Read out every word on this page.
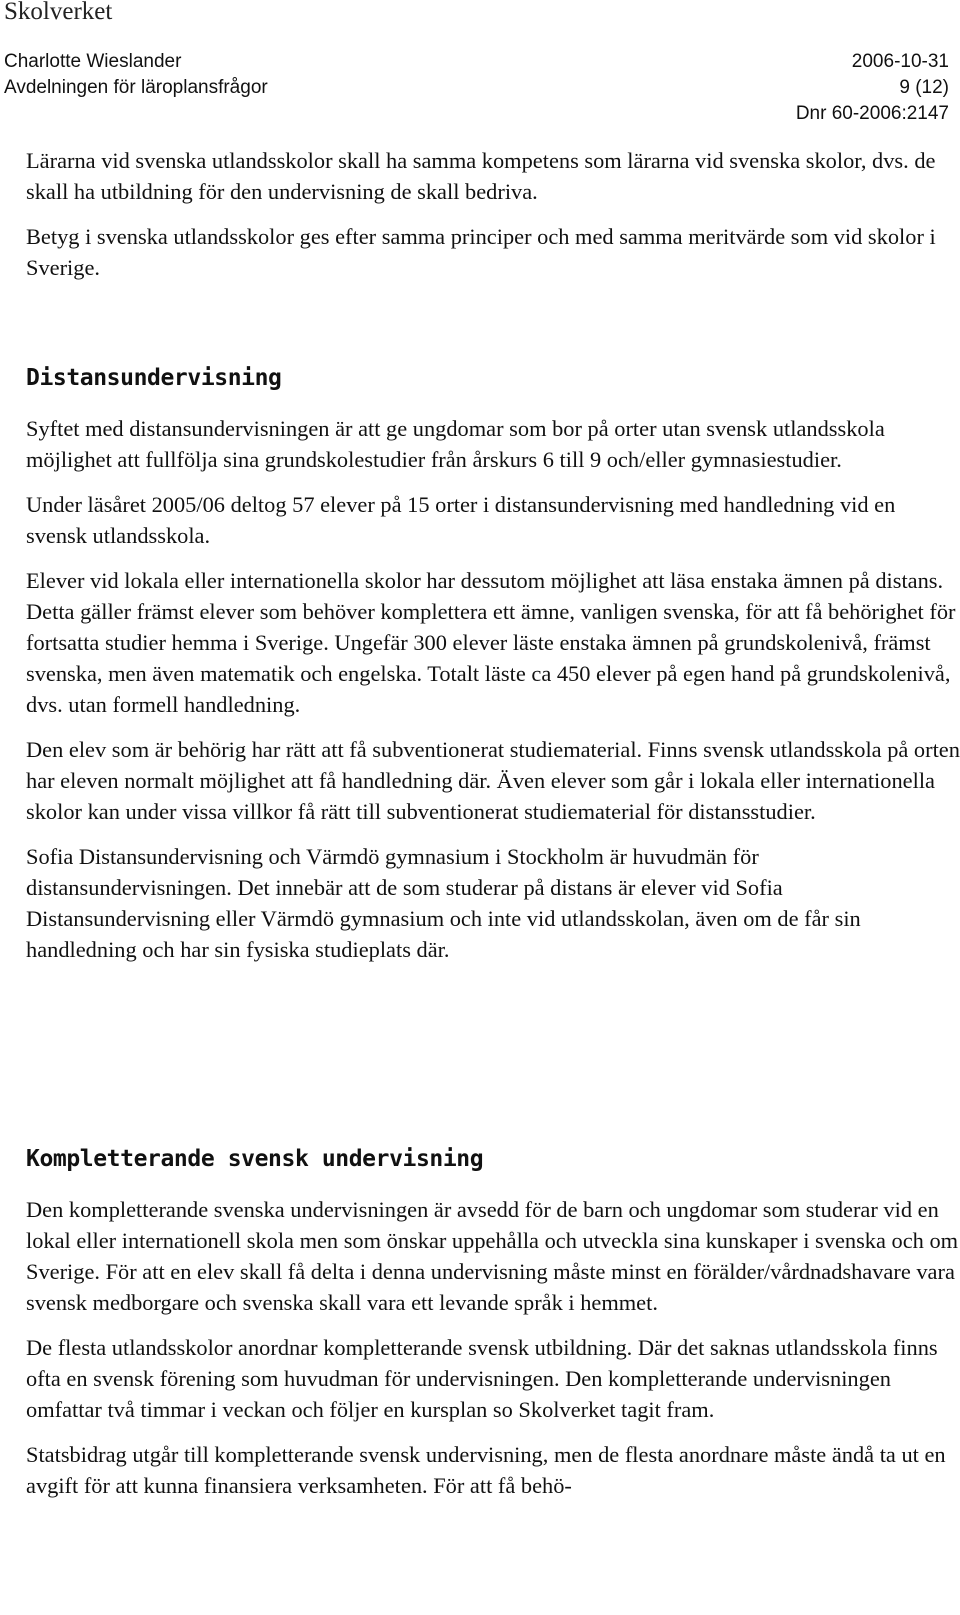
Skolverket
Charlotte Wieslander
Avdelningen för läroplansfrågor
2006-10-31
9 (12)
Dnr 60-2006:2147

Lärarna vid svenska utlandsskolor skall ha samma kompetens som lärarna vid svenska skolor, dvs. de skall ha utbildning för den undervisning de skall bedriva.

Betyg i svenska utlandsskolor ges efter samma principer och med samma meritvärde som vid skolor i Sverige.

Distansundervisning

Syftet med distansundervisningen är att ge ungdomar som bor på orter utan svensk utlandsskola möjlighet att fullfölja sina grundskolestudier från årskurs 6 till 9 och/eller gymnasiestudier.

Under läsåret 2005/06 deltog 57 elever på 15 orter i distansundervisning med handledning vid en svensk utlandsskola.

Elever vid lokala eller internationella skolor har dessutom möjlighet att läsa enstaka ämnen på distans. Detta gäller främst elever som behöver komplettera ett ämne, vanligen svenska, för att få behörighet för fortsatta studier hemma i Sverige. Ungefär 300 elever läste enstaka ämnen på grundskolenivå, främst svenska, men även matematik och engelska. Totalt läste ca 450 elever på egen hand på grundskolenivå, dvs. utan formell handledning.

Den elev som är behörig har rätt att få subventionerat studiematerial. Finns svensk utlandsskola på orten har eleven normalt möjlighet att få handledning där. Även elever som går i lokala eller internationella skolor kan under vissa villkor få rätt till subventionerat studiematerial för distansstudier.

Sofia Distansundervisning och Värmdö gymnasium i Stockholm är huvudmän för distansundervisningen. Det innebär att de som studerar på distans är elever vid Sofia Distansundervisning eller Värmdö gymnasium och inte vid utlandsskolan, även om de får sin handledning och har sin fysiska studieplats där.

Kompletterande svensk undervisning

Den kompletterande svenska undervisningen är avsedd för de barn och ungdomar som studerar vid en lokal eller internationell skola men som önskar uppehålla och utveckla sina kunskaper i svenska och om Sverige. För att en elev skall få delta i denna undervisning måste minst en förälder/vårdnadshavare vara svensk medborgare och svenska skall vara ett levande språk i hemmet.

De flesta utlandsskolor anordnar kompletterande svensk utbildning. Där det saknas utlandsskola finns ofta en svensk förening som huvudman för undervisningen. Den kompletterande undervisningen omfattar två timmar i veckan och följer en kursplan so Skolverket tagit fram.

Statsbidrag utgår till kompletterande svensk undervisning, men de flesta anordnare måste ändå ta ut en avgift för att kunna finansiera verksamheten. För att få behö-
